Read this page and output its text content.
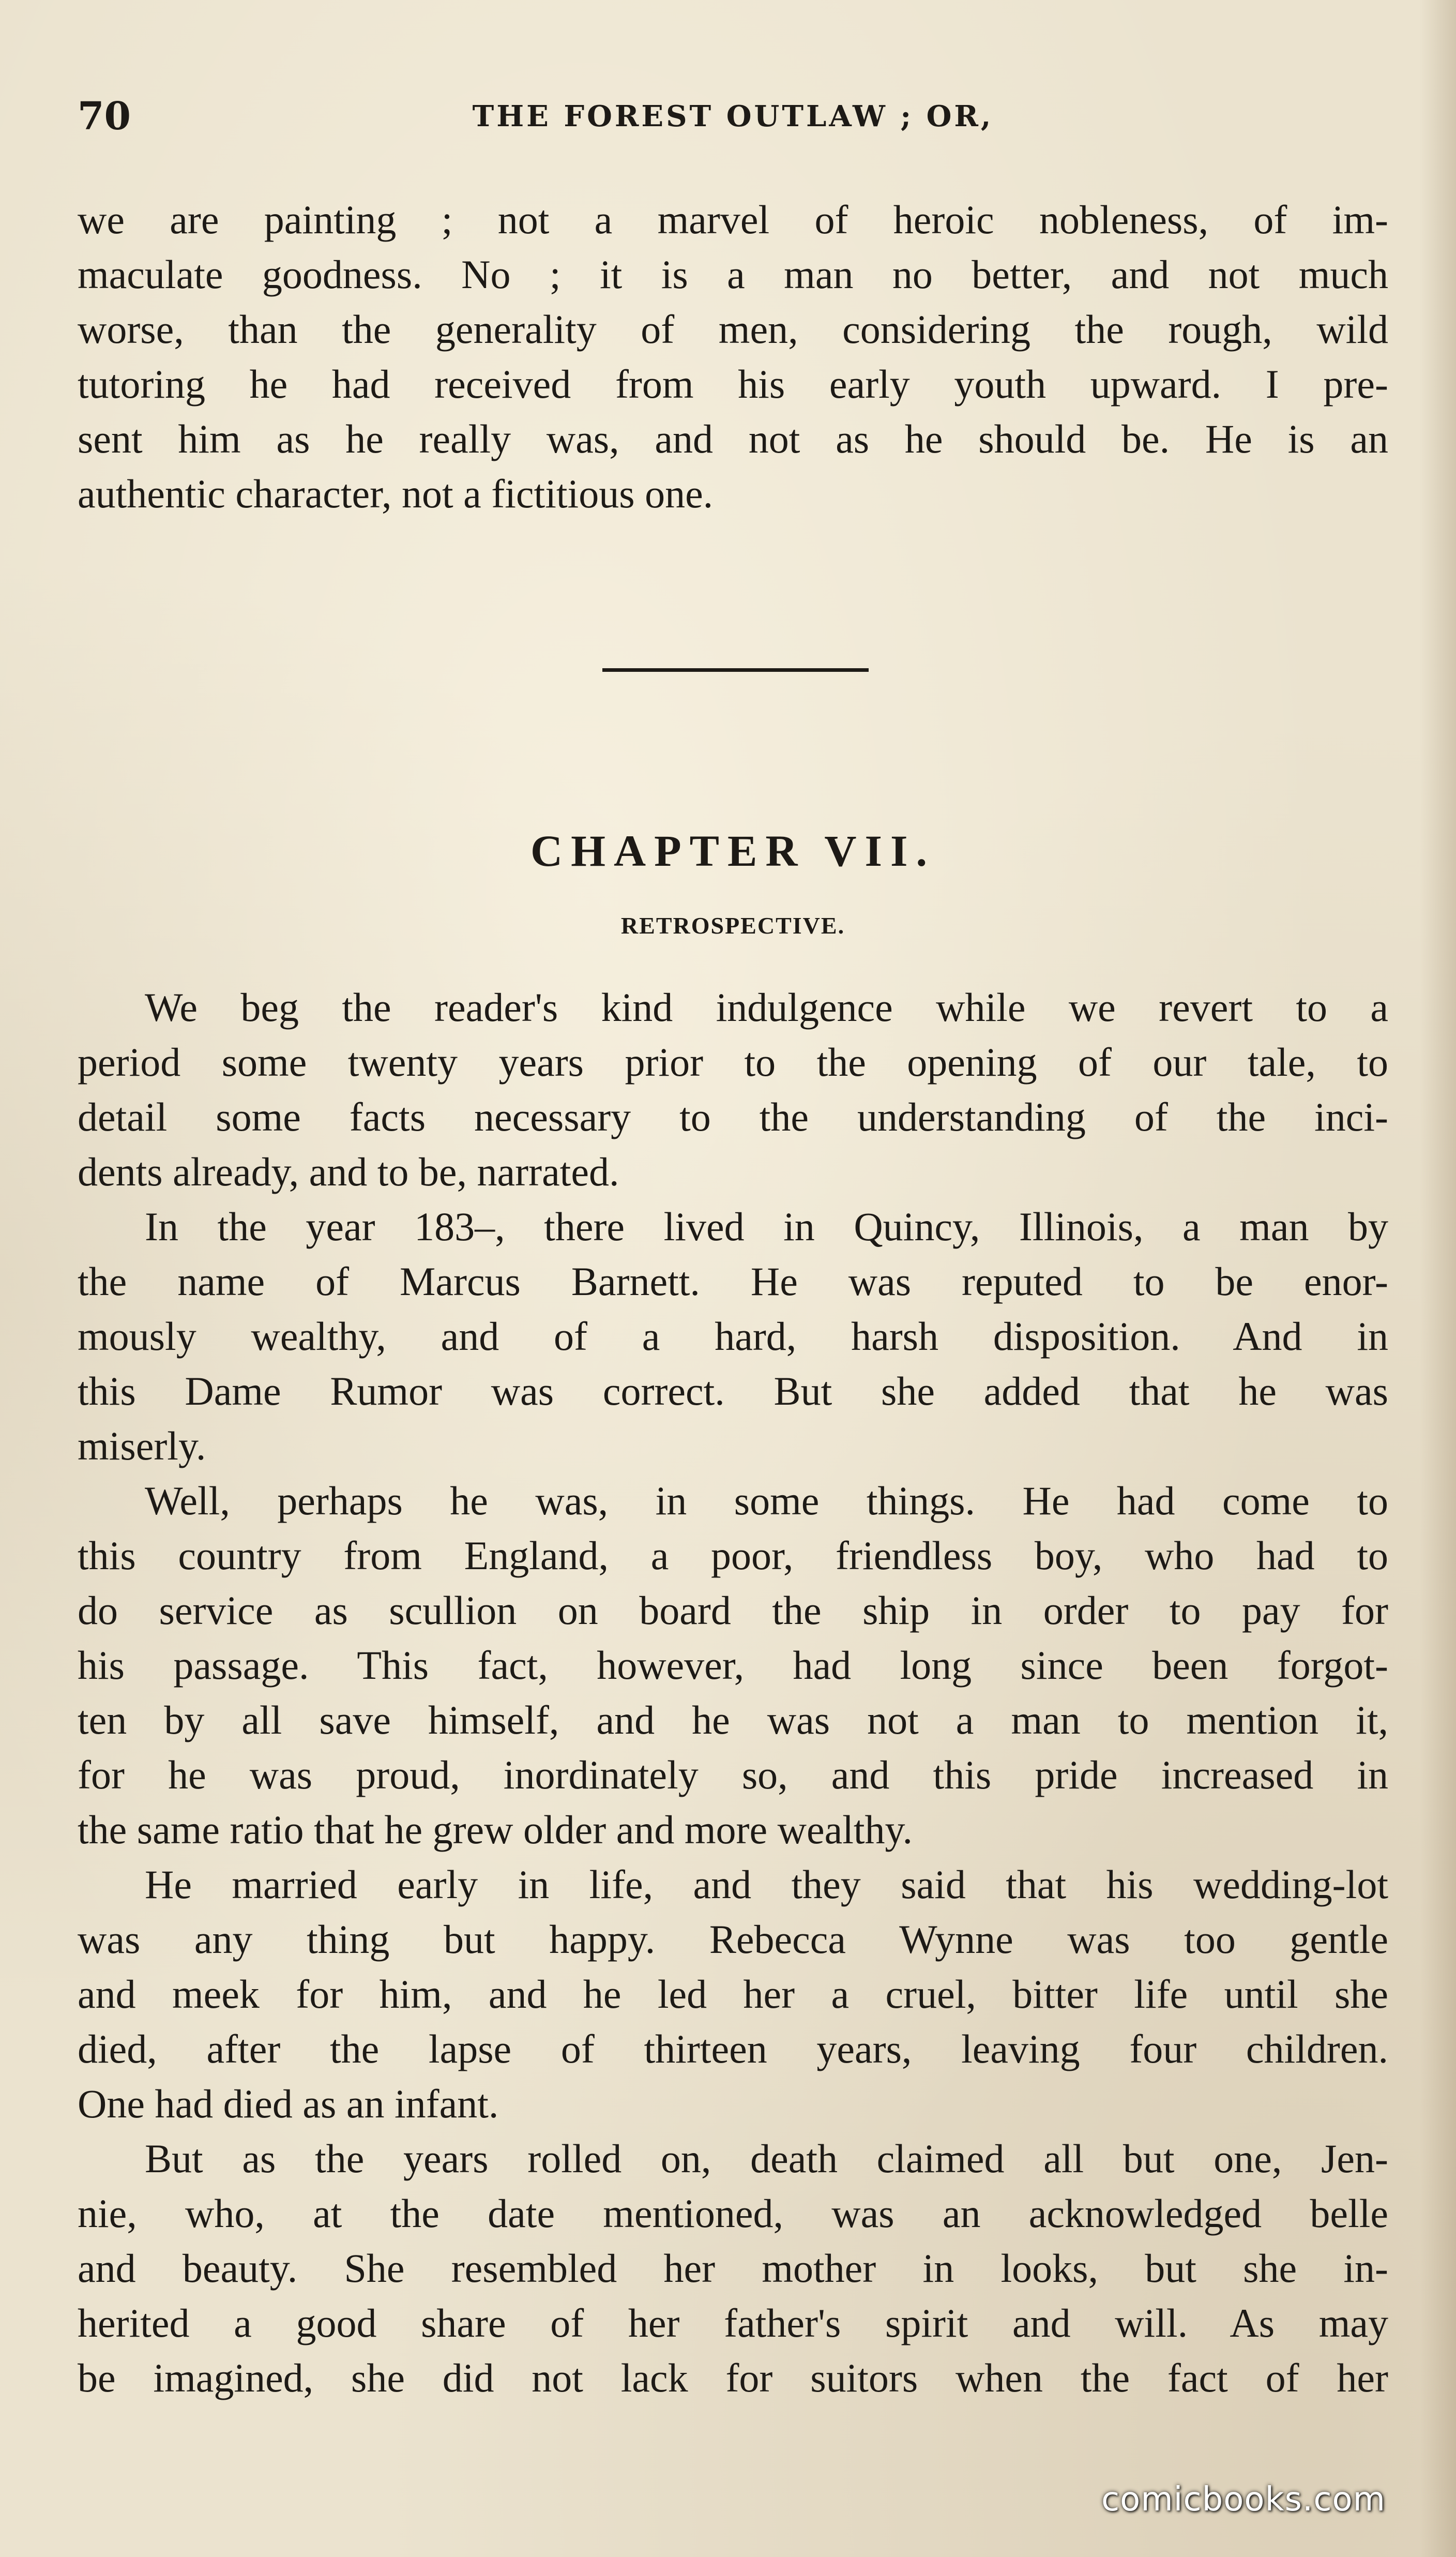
70	THE FOREST OUTLAW ; OR,
we are painting ; not a marvel of heroic nobleness, of im-
maculate goodness. No ; it is a man no better, and not much
worse, than the generality of men, considering the rough, wild
tutoring he had received from his early youth upward. I pre-
sent him as he really was, and not as he should be. He is an
authentic character, not a fictitious one.
CHAPTER VII.
RETROSPECTIVE.
We beg the reader's kind indulgence while we revert to a
period some twenty years prior to the opening of our tale, to
detail some facts necessary to the understanding of the inci-
dents already, and to be, narrated.
In the year 183–, there lived in Quincy, Illinois, a man by
the name of Marcus Barnett. He was reputed to be enor-
mously wealthy, and of a hard, harsh disposition. And in
this Dame Rumor was correct. But she added that he was
miserly.
Well, perhaps he was, in some things. He had come to
this country from England, a poor, friendless boy, who had to
do service as scullion on board the ship in order to pay for
his passage. This fact, however, had long since been forgot-
ten by all save himself, and he was not a man to mention it,
for he was proud, inordinately so, and this pride increased in
the same ratio that he grew older and more wealthy.
He married early in life, and they said that his wedding-lot
was any thing but happy. Rebecca Wynne was too gentle
and meek for him, and he led her a cruel, bitter life until she
died, after the lapse of thirteen years, leaving four children.
One had died as an infant.
But as the years rolled on, death claimed all but one, Jen-
nie, who, at the date mentioned, was an acknowledged belle
and beauty. She resembled her mother in looks, but she in-
herited a good share of her father's spirit and will. As may
be imagined, she did not lack for suitors when the fact of her
comicbooks.com
